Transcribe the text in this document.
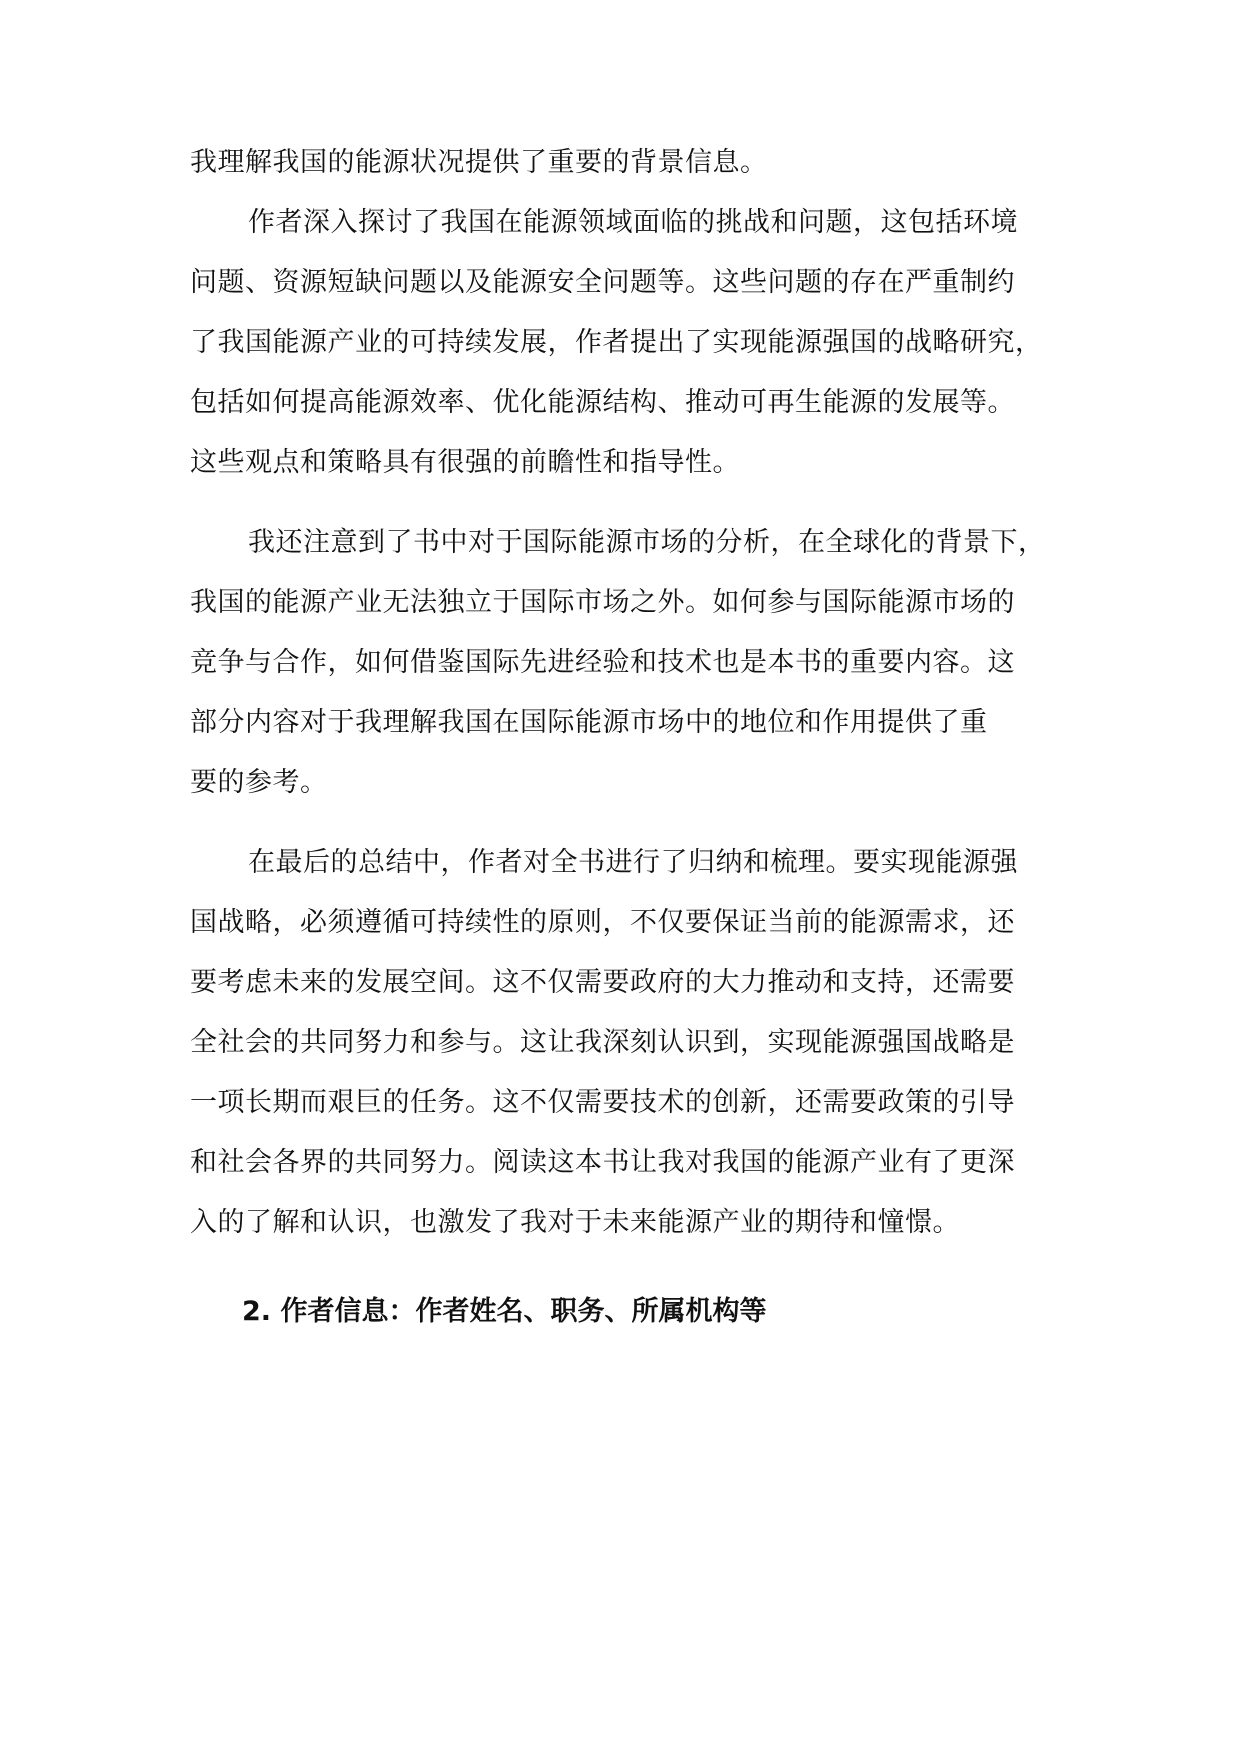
我理解我国的能源状况提供了重要的背景信息。
作者深入探讨了我国在能源领域面临的挑战和问题，这包括环境
问题、资源短缺问题以及能源安全问题等。这些问题的存在严重制约
了我国能源产业的可持续发展，作者提出了实现能源强国的战略研究，
包括如何提高能源效率、优化能源结构、推动可再生能源的发展等。
这些观点和策略具有很强的前瞻性和指导性。
我还注意到了书中对于国际能源市场的分析，在全球化的背景下，
我国的能源产业无法独立于国际市场之外。如何参与国际能源市场的
竞争与合作，如何借鉴国际先进经验和技术也是本书的重要内容。这
部分内容对于我理解我国在国际能源市场中的地位和作用提供了重
要的参考。
在最后的总结中，作者对全书进行了归纳和梳理。要实现能源强
国战略，必须遵循可持续性的原则，不仅要保证当前的能源需求，还
要考虑未来的发展空间。这不仅需要政府的大力推动和支持，还需要
全社会的共同努力和参与。这让我深刻认识到，实现能源强国战略是
一项长期而艰巨的任务。这不仅需要技术的创新，还需要政策的引导
和社会各界的共同努力。阅读这本书让我对我国的能源产业有了更深
入的了解和认识，也激发了我对于未来能源产业的期待和憧憬。
2. 作者信息：作者姓名、职务、所属机构等
